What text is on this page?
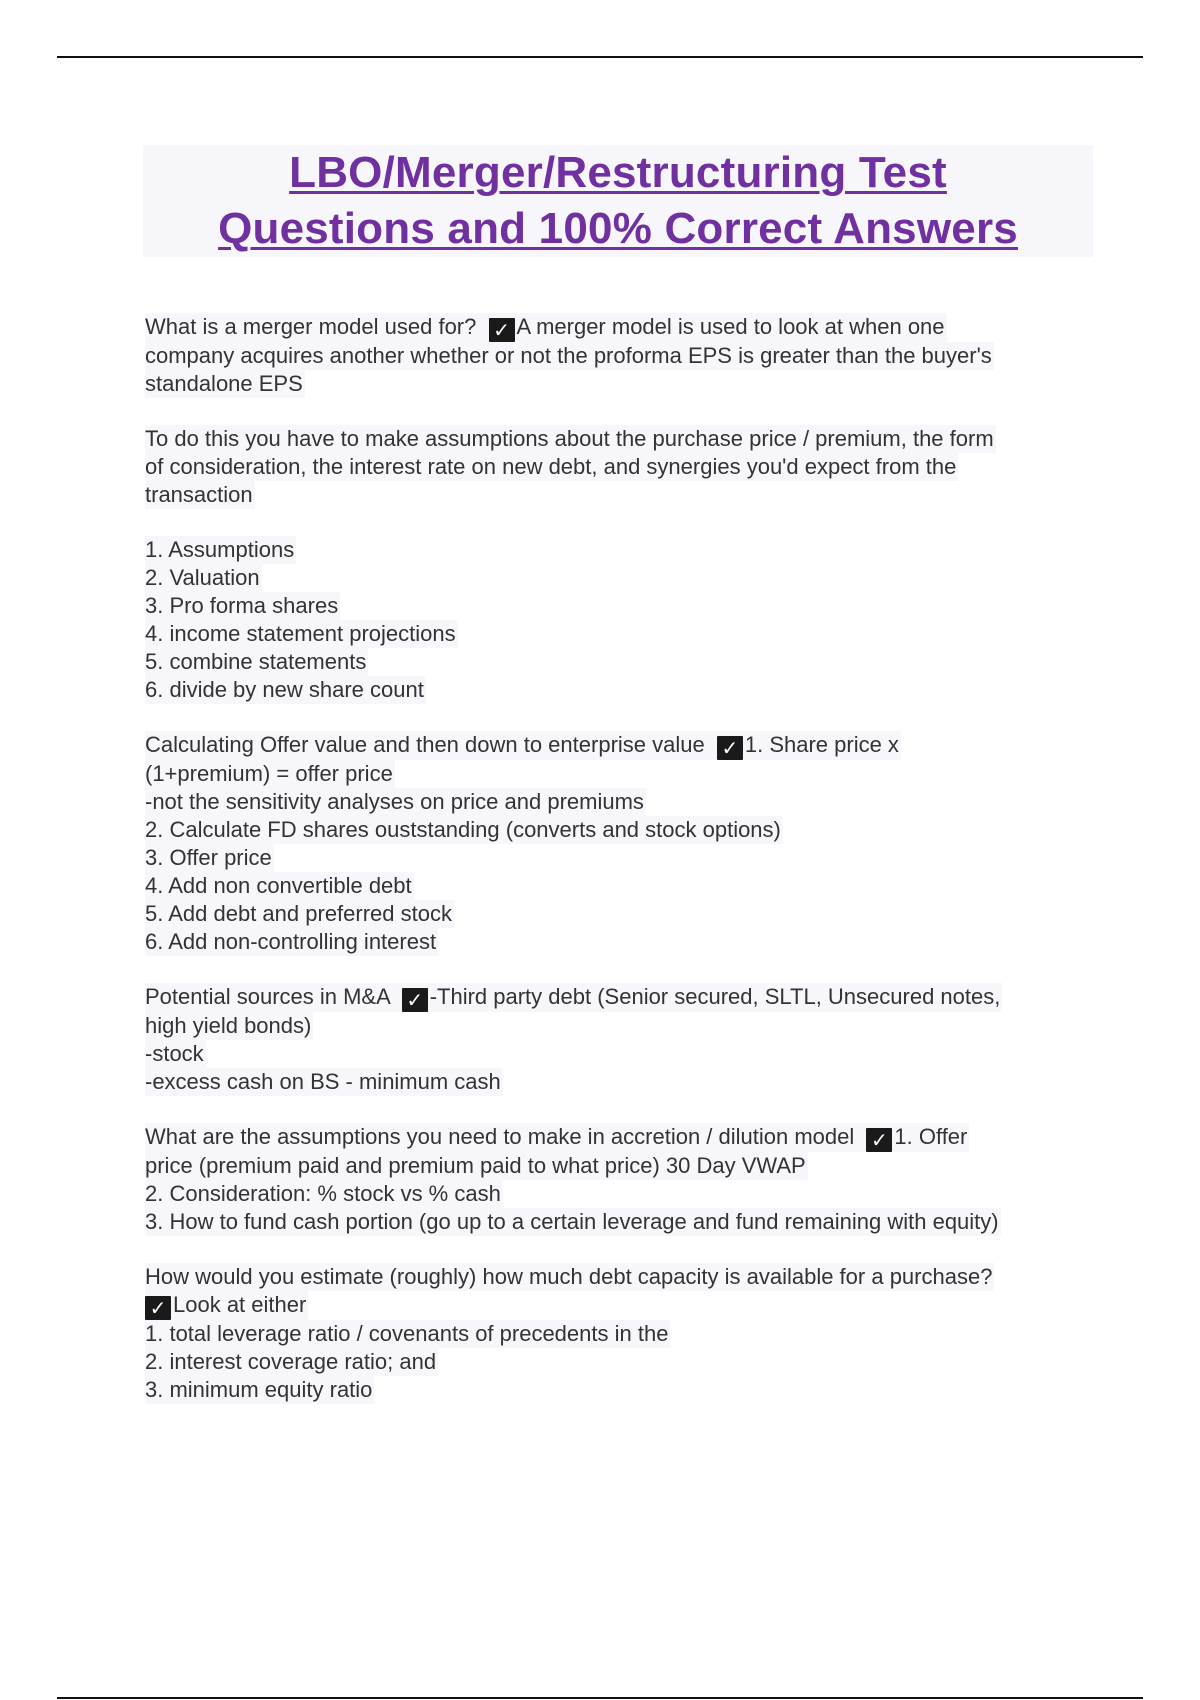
LBO/Merger/Restructuring Test
Questions and 100% Correct Answers
What is a merger model used for? ✓ A merger model is used to look at when one
company acquires another whether or not the proforma EPS is greater than the buyer's
standalone EPS
To do this you have to make assumptions about the purchase price / premium, the form
of consideration, the interest rate on new debt, and synergies you'd expect from the
transaction
1. Assumptions
2. Valuation
3. Pro forma shares
4. income statement projections
5. combine statements
6. divide by new share count
Calculating Offer value and then down to enterprise value ✓ 1. Share price x
(1+premium) = offer price
-not the sensitivity analyses on price and premiums
2. Calculate FD shares ouststanding (converts and stock options)
3. Offer price
4. Add non convertible debt
5. Add debt and preferred stock
6. Add non-controlling interest
Potential sources in M&A ✓ -Third party debt (Senior secured, SLTL, Unsecured notes,
high yield bonds)
-stock
-excess cash on BS - minimum cash
What are the assumptions you need to make in accretion / dilution model ✓ 1. Offer
price (premium paid and premium paid to what price) 30 Day VWAP
2. Consideration: % stock vs % cash
3. How to fund cash portion (go up to a certain leverage and fund remaining with equity)
How would you estimate (roughly) how much debt capacity is available for a purchase?
✓ Look at either
1. total leverage ratio / covenants of precedents in the
2. interest coverage ratio; and
3. minimum equity ratio
